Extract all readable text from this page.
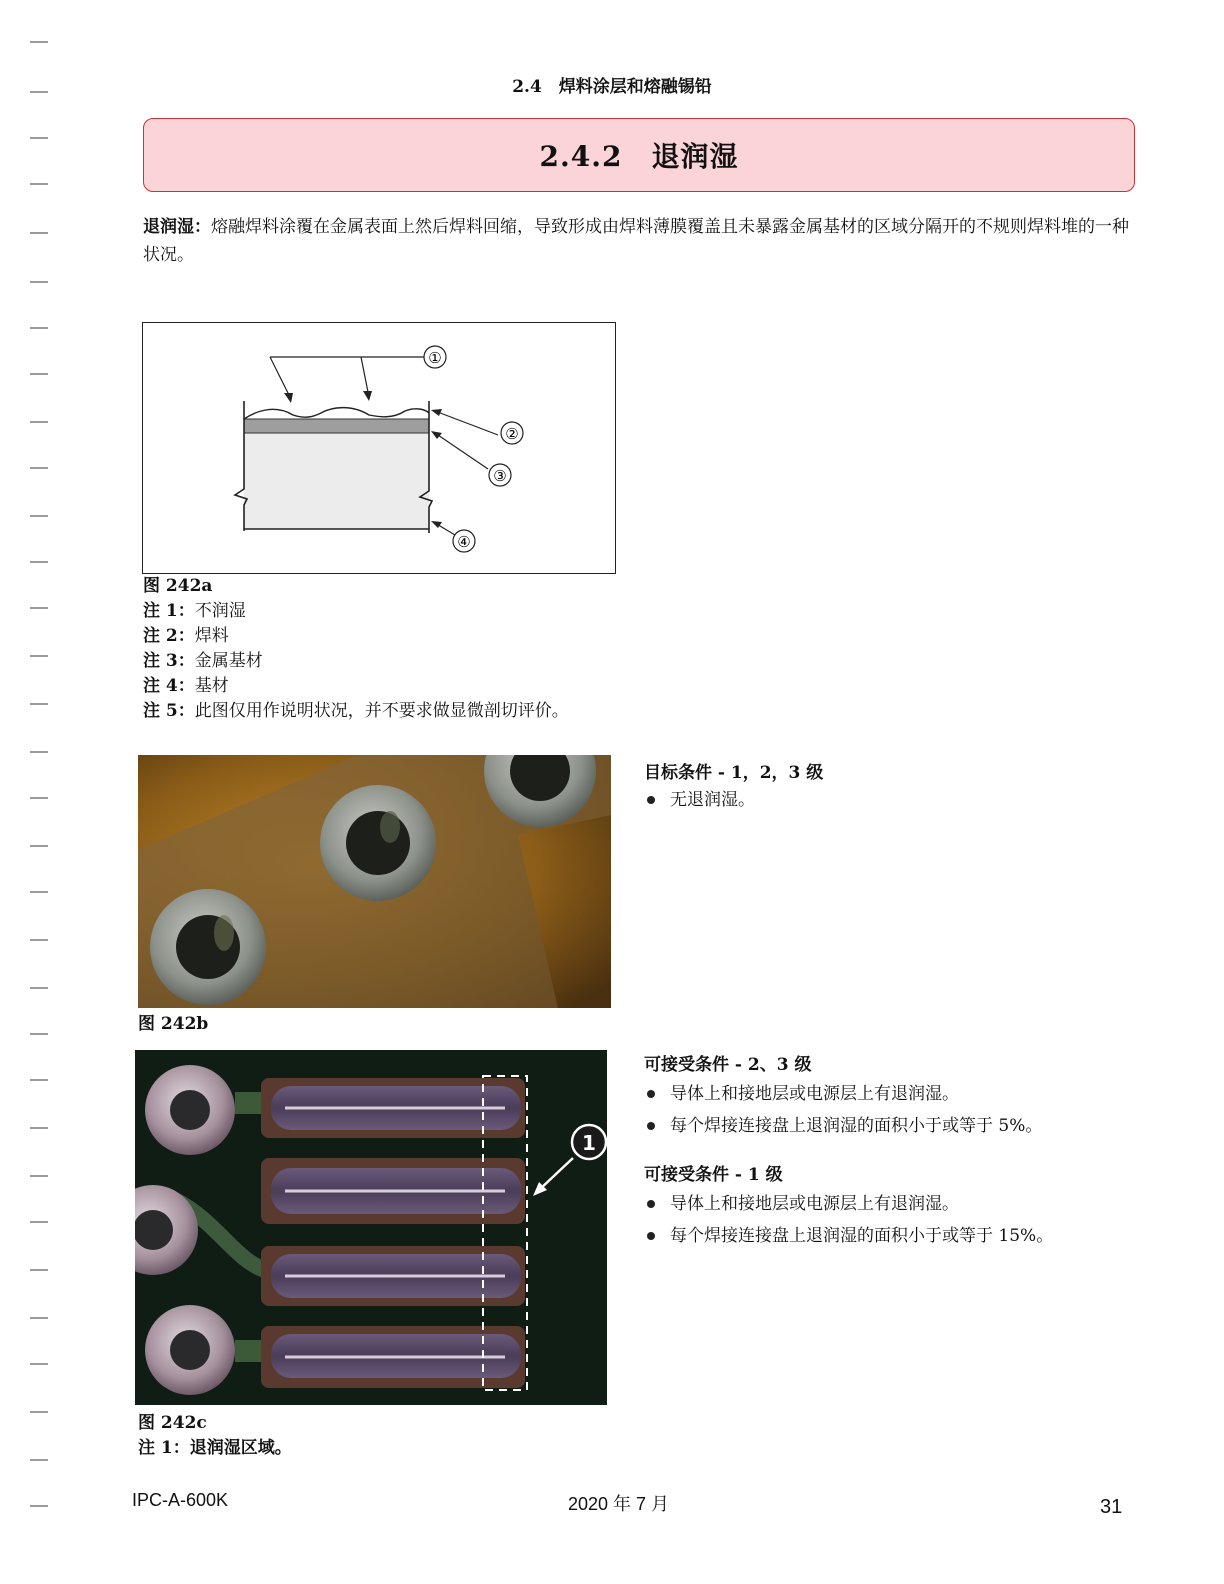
2.4　焊料涂层和熔融锡铅
2.4.2　退润湿
退润湿：熔融焊料涂覆在金属表面上然后焊料回缩，导致形成由焊料薄膜覆盖且未暴露金属基材的区域分隔开的不规则焊料堆的一种状况。
①
②
③
④
图 242a
注 1：不润湿
注 2：焊料
注 3：金属基材
注 4：基材
注 5：此图仅用作说明状况，并不要求做显微剖切评价。
图 242b
目标条件 - 1，2，3 级
无退润湿。
1
图 242c
注 1：退润湿区域。
可接受条件 - 2、3 级
导体上和接地层或电源层上有退润湿。
每个焊接连接盘上退润湿的面积小于或等于 5%。
可接受条件 - 1 级
导体上和接地层或电源层上有退润湿。
每个焊接连接盘上退润湿的面积小于或等于 15%。
IPC-A-600K	2020 年 7 月	31
